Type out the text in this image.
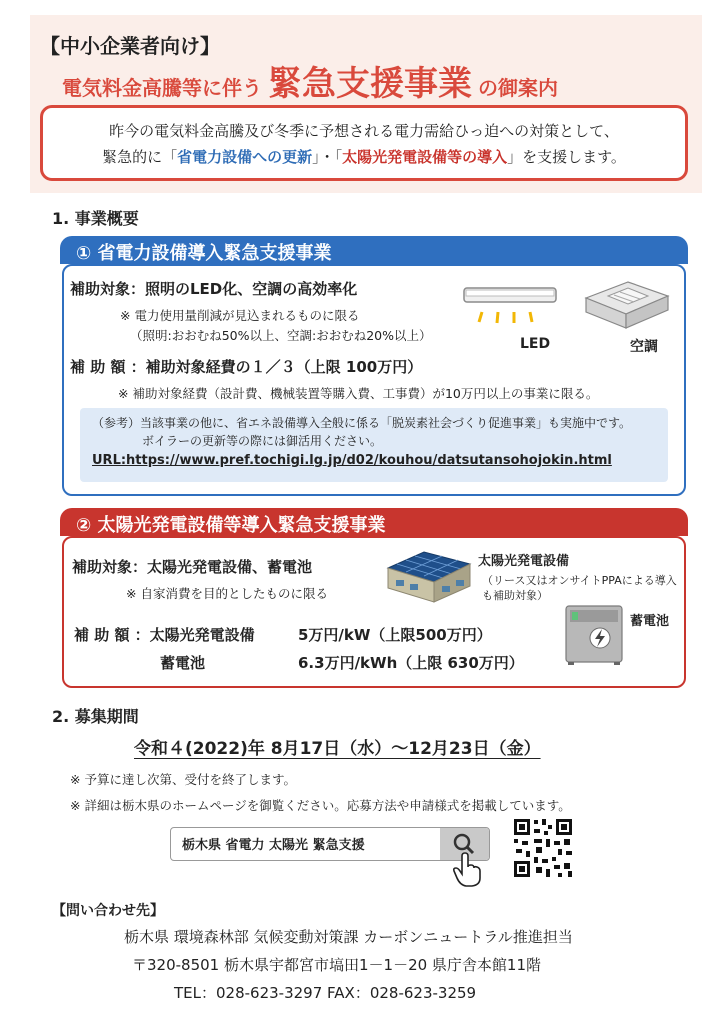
【中小企業者向け】
電気料金高騰等に伴う 緊急支援事業 の御案内
昨今の電気料金高騰及び冬季に予想される電力需給ひっ迫への対策として、
緊急的に「省電力設備への更新」・「太陽光発電設備等の導入」を支援します。
1. 事業概要
① 省電力設備導入緊急支援事業
補助対象：照明のLED化、空調の高効率化
※ 電力使用量削減が見込まれるものに限る
（照明:おおむね50%以上、空調:おおむね20%以上）
補 助 額 ：補助対象経費の１／３（上限 100万円）
※ 補助対象経費（設計費、機械装置等購入費、工事費）が10万円以上の事業に限る。
LED	空調
（参考）当該事業の他に、省エネ設備導入全般に係る「脱炭素社会づくり促進事業」も実施中です。
ボイラーの更新等の際には御活用ください。
URL:https://www.pref.tochigi.lg.jp/d02/kouhou/datsutansohojokin.html
② 太陽光発電設備等導入緊急支援事業
補助対象：太陽光発電設備、蓄電池
※ 自家消費を目的としたものに限る
補 助 額 ：太陽光発電設備	5万円/kW（上限500万円）
蓄電池	6.3万円/kWh（上限 630万円）
太陽光発電設備
（リース又はオンサイトPPAによる導入
も補助対象）
蓄電池
2. 募集期間
令和４(2022)年 8月17日（水）～12月23日（金）
※ 予算に達し次第、受付を終了します。
※ 詳細は栃木県のホームページを御覧ください。応募方法や申請様式を掲載しています。
栃木県 省電力 太陽光 緊急支援
【問い合わせ先】
栃木県 環境森林部 気候変動対策課 カーボンニュートラル推進担当
〒320-8501 栃木県宇都宮市塙田1－1－20 県庁舎本館11階
TEL：028-623-3297 FAX：028-623-3259
